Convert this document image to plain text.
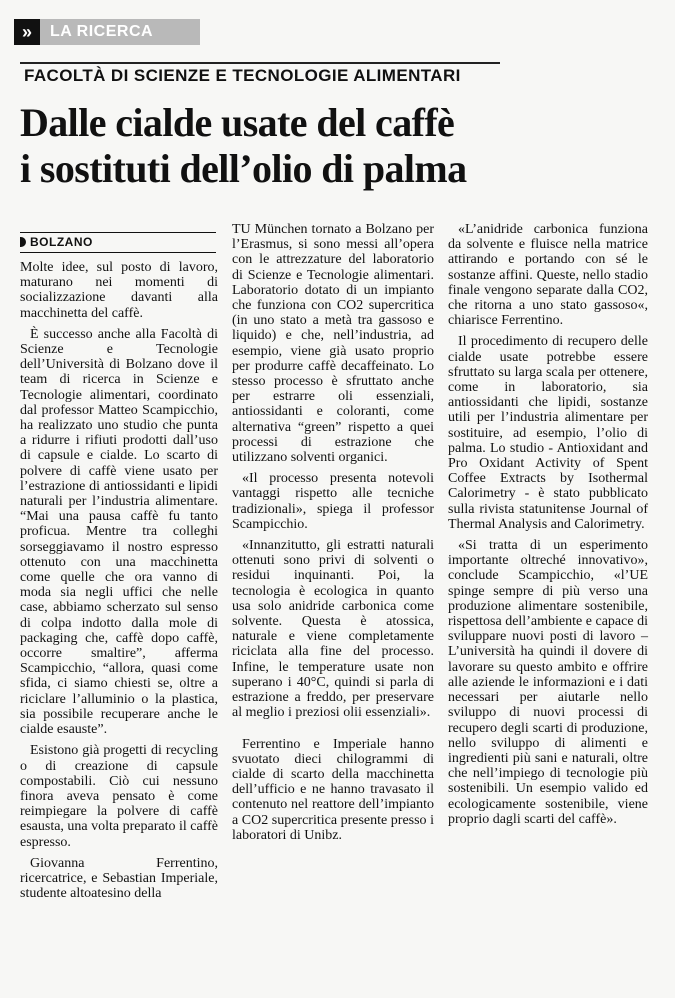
»	LA RICERCA
FACOLTÀ DI SCIENZE E TECNOLOGIE ALIMENTARI
Dalle cialde usate del caffè
i sostituti dell’olio di palma
BOLZANO

Molte idee, sul posto di lavoro, maturano nei momenti di socializzazione davanti alla macchinetta del caffè.

È successo anche alla Facoltà di Scienze e Tecnologie dell’Università di Bolzano dove il team di ricerca in Scienze e Tecnologie alimentari, coordinato dal professor Matteo Scampicchio, ha realizzato uno studio che punta a ridurre i rifiuti prodotti dall’uso di capsule e cialde. Lo scarto di polvere di caffè viene usato per l’estrazione di antiossidanti e lipidi naturali per l’industria alimentare. “Mai una pausa caffè fu tanto proficua. Mentre tra colleghi sorseggiavamo il nostro espresso ottenuto con una macchinetta come quelle che ora vanno di moda sia negli uffici che nelle case, abbiamo scherzato sul senso di colpa indotto dalla mole di packaging che, caffè dopo caffè, occorre smaltire”, afferma Scampicchio, “allora, quasi come sfida, ci siamo chiesti se, oltre a riciclare l’alluminio o la plastica, sia possibile recuperare anche le cialde esauste”.

Esistono già progetti di recycling o di creazione di capsule compostabili. Ciò cui nessuno finora aveva pensato è come reimpiegare la polvere di caffè esausta, una volta preparato il caffè espresso.

Giovanna Ferrentino, ricercatrice, e Sebastian Imperiale, studente altoatesino della

TU München tornato a Bolzano per l’Erasmus, si sono messi all’opera con le attrezzature del laboratorio di Scienze e Tecnologie alimentari. Laboratorio dotato di un impianto che funziona con CO2 supercritica (in uno stato a metà tra gassoso e liquido) e che, nell’industria, ad esempio, viene già usato proprio per produrre caffè decaffeinato. Lo stesso processo è sfruttato anche per estrarre oli essenziali, antiossidanti e coloranti, come alternativa “green” rispetto a quei processi di estrazione che utilizzano solventi organici.

«Il processo presenta notevoli vantaggi rispetto alle tecniche tradizionali», spiega il professor Scampicchio.

«Innanzitutto, gli estratti naturali ottenuti sono privi di solventi o residui inquinanti. Poi, la tecnologia è ecologica in quanto usa solo anidride carbonica come solvente. Questa è atossica, naturale e viene completamente riciclata alla fine del processo. Infine, le temperature usate non superano i 40°C, quindi si parla di estrazione a freddo, per preservare al meglio i preziosi olii essenziali».

Ferrentino e Imperiale hanno svuotato dieci chilogrammi di cialde di scarto della macchinetta dell’ufficio e ne hanno travasato il contenuto nel reattore dell’impianto a CO2 supercritica presente presso i laboratori di Unibz.

«L’anidride carbonica funziona da solvente e fluisce nella matrice attirando e portando con sé le sostanze affini. Queste, nello stadio finale vengono separate dalla CO2, che ritorna a uno stato gassoso«, chiarisce Ferrentino.

Il procedimento di recupero delle cialde usate potrebbe essere sfruttato su larga scala per ottenere, come in laboratorio, sia antiossidanti che lipidi, sostanze utili per l’industria alimentare per sostituire, ad esempio, l’olio di palma. Lo studio - Antioxidant and Pro Oxidant Activity of Spent Coffee Extracts by Isothermal Calorimetry - è stato pubblicato sulla rivista statunitense Journal of Thermal Analysis and Calorimetry.

«Si tratta di un esperimento importante oltreché innovativo», conclude Scampicchio, «l’UE spinge sempre di più verso una produzione alimentare sostenibile, rispettosa dell’ambiente e capace di sviluppare nuovi posti di lavoro – L’università ha quindi il dovere di lavorare su questo ambito e offrire alle aziende le informazioni e i dati necessari per aiutarle nello sviluppo di nuovi processi di recupero degli scarti di produzione, nello sviluppo di alimenti e ingredienti più sani e naturali, oltre che nell’impiego di tecnologie più sostenibili. Un esempio valido ed ecologicamente sostenibile, viene proprio dagli scarti del caffè».
